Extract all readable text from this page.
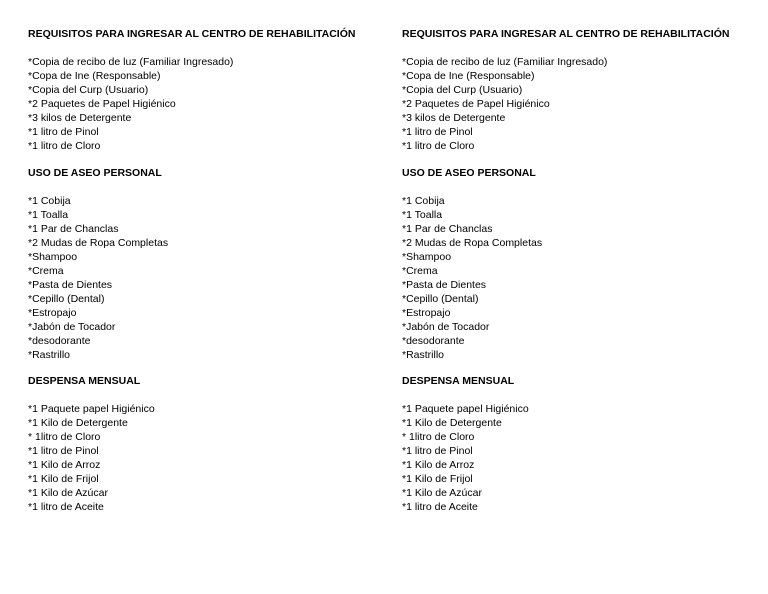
REQUISITOS PARA INGRESAR AL CENTRO DE REHABILITACIÓN
*Copia de recibo de luz (Familiar Ingresado)
*Copa de Ine (Responsable)
*Copia del Curp (Usuario)
*2 Paquetes de Papel Higiénico
*3 kilos de Detergente
*1 litro de Pinol
*1 litro de Cloro
USO DE ASEO PERSONAL
*1 Cobija
*1 Toalla
*1 Par de Chanclas
*2 Mudas de Ropa Completas
*Shampoo
*Crema
*Pasta de Dientes
*Cepillo (Dental)
*Estropajo
*Jabón de Tocador
*desodorante
*Rastrillo
DESPENSA MENSUAL
*1 Paquete papel Higiénico
*1 Kilo de Detergente
* 1litro de Cloro
*1 litro de Pinol
*1 Kilo de Arroz
*1 Kilo de Frijol
*1 Kilo de Azúcar
*1 litro de Aceite
REQUISITOS PARA INGRESAR AL CENTRO DE REHABILITACIÓN
*Copia de recibo de luz (Familiar Ingresado)
*Copa de Ine (Responsable)
*Copia del Curp (Usuario)
*2 Paquetes de Papel Higiénico
*3 kilos de Detergente
*1 litro de Pinol
*1 litro de Cloro
USO DE ASEO PERSONAL
*1 Cobija
*1 Toalla
*1 Par de Chanclas
*2 Mudas de Ropa Completas
*Shampoo
*Crema
*Pasta de Dientes
*Cepillo (Dental)
*Estropajo
*Jabón de Tocador
*desodorante
*Rastrillo
DESPENSA MENSUAL
*1 Paquete papel Higiénico
*1 Kilo de Detergente
* 1litro de Cloro
*1 litro de Pinol
*1 Kilo de Arroz
*1 Kilo de Frijol
*1 Kilo de Azúcar
*1 litro de Aceite
